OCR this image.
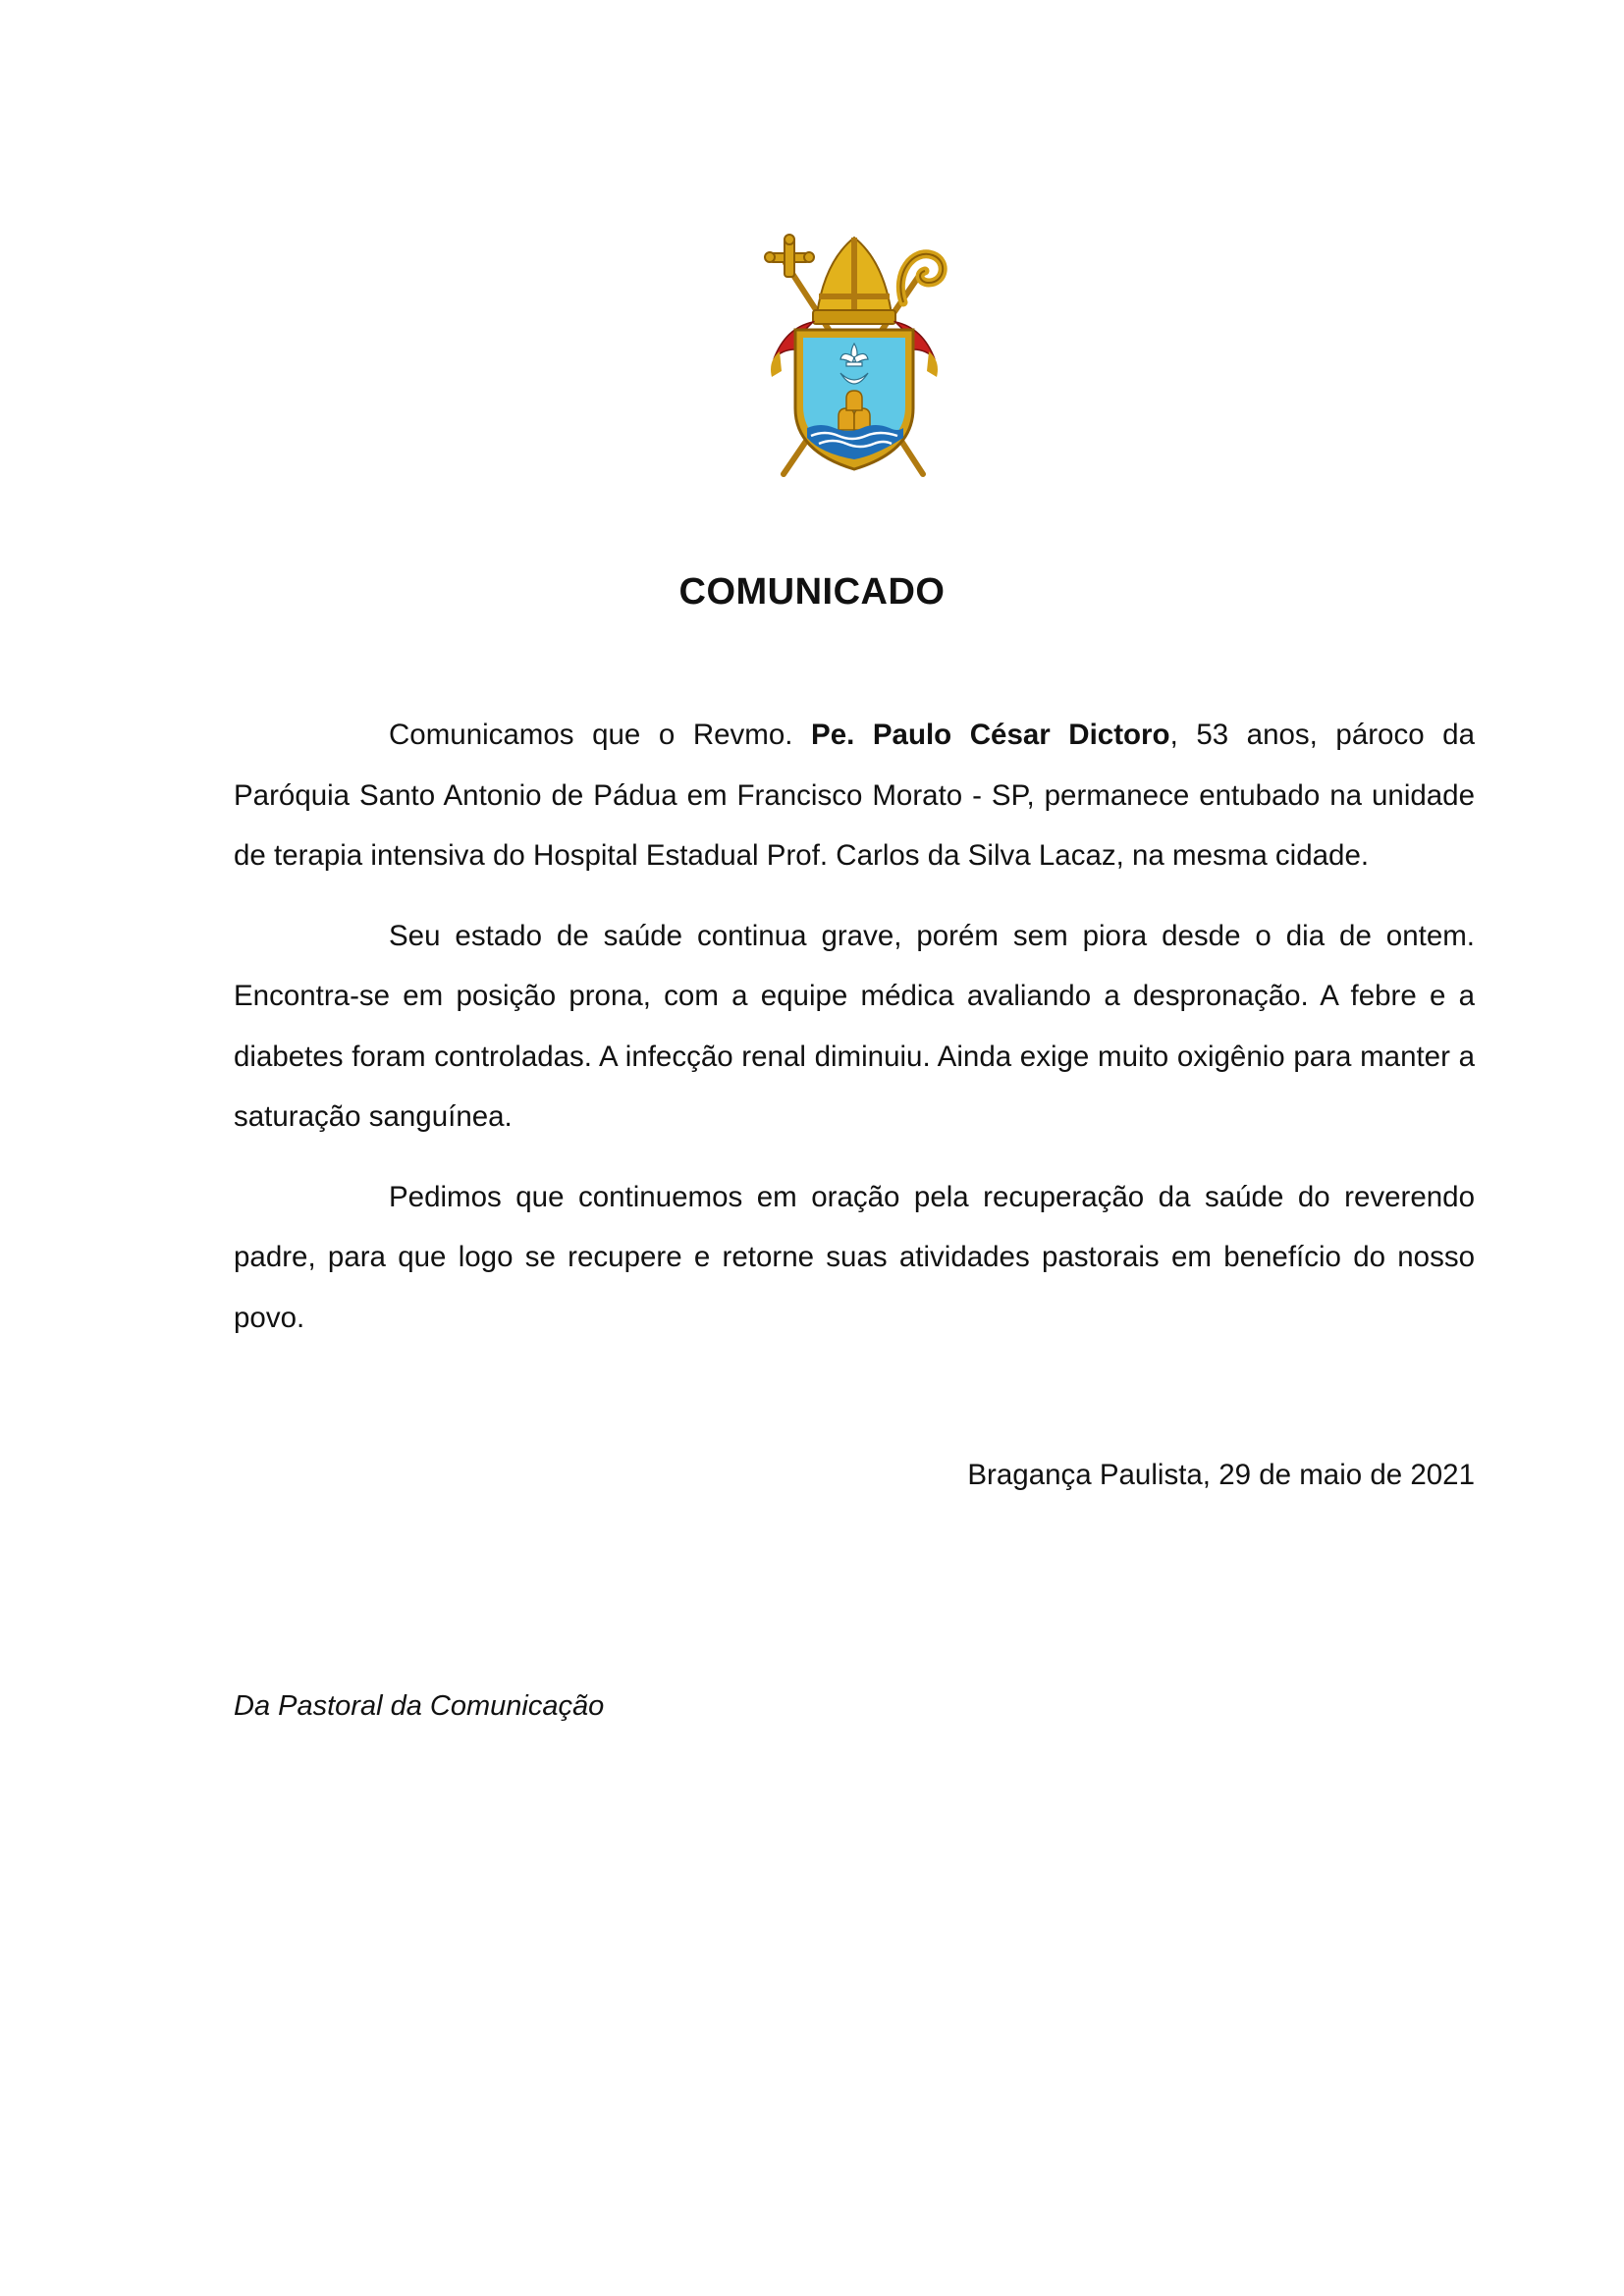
COMUNICADO

Comunicamos que o Revmo. Pe. Paulo César Dictoro, 53 anos, pároco da Paróquia Santo Antonio de Pádua em Francisco Morato - SP, permanece entubado na unidade de terapia intensiva do Hospital Estadual Prof. Carlos da Silva Lacaz, na mesma cidade.

Seu estado de saúde continua grave, porém sem piora desde o dia de ontem. Encontra-se em posição prona, com a equipe médica avaliando a despronação. A febre e a diabetes foram controladas. A infecção renal diminuiu. Ainda exige muito oxigênio para manter a saturação sanguínea.

Pedimos que continuemos em oração pela recuperação da saúde do reverendo padre, para que logo se recupere e retorne suas atividades pastorais em benefício do nosso povo.

Bragança Paulista, 29 de maio de 2021

Da Pastoral da Comunicação
